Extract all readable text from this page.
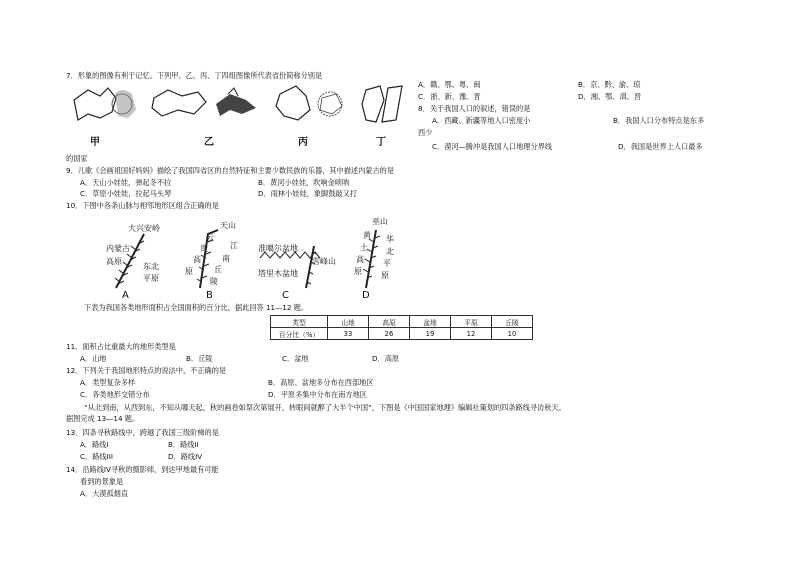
7．形象的图像有利于记忆。下列甲、乙、丙、丁四组图像所代表省份简称分别是
A．赣、鄂、粤、闽	B．京、黔、渝、琼
C．浙、新、豫、晋	D．湘、鄂、滇、晋
甲	乙	丙	丁
8．关于我国人口的叙述，错误的是
A．西藏、新疆等地人口密度小	B．我国人口分布特点是东多
西少
C．漠河—腾冲是我国人口地理分界线	D．我国是世界上人口最多
的国家
9．儿歌《会画祖国好妈妈》描绘了我国四省区的自然特征和主要少数民族的乐器，其中描述内蒙古的是
A．天山小娃娃，弹起冬不拉	B．黄河小娃娃，吹响金唢呐
C．草原小娃娃，拉起马头琴	D．雨林小娃娃，象脚鼓敲又打
10．下图中各条山脉与相邻地形区组合正确的是
大兴安岭
内蒙古
高原
东北
平原
天山
云
贵	江
高	南
原	丘
陵
准噶尔盆地
塔里木盆地
雪峰山
巫山
黄 华
土 北
高 平
原 原
A	B	C	D
下表为我国各类地形面积占全国面积的百分比，据此回答 11—12 题。
类型	山地	高原	盆地	平原	丘陵
百分比（%）	33	26	19	12	10
11．面积占比重最大的地形类型是
A．山地	B．丘陵	C．盆地	D．高原
12．下列关于我国地形特点的说法中，不正确的是
A．类型复杂多样	B．高原、盆地多分布在西部地区
C．各类地形交错分布	D．平原多集中分布在南方地区
“从北到南，从西到东，不知从哪天起，秋的画卷如祭次第展开，转眼间就醉了大半个中国”，下图是《中国国家地理》编辑社策划的四条路线寻访秋天。
据图完成 13—14 题。
13．四条寻秋路线中，跨越了我国三级阶梯的是
A．路线I	B．路线II
C．路线III	D．路线IV
14．沿路线IV寻秋的摄影师，到达甲地最有可能
看到的景象是
A．大漠孤烟直
